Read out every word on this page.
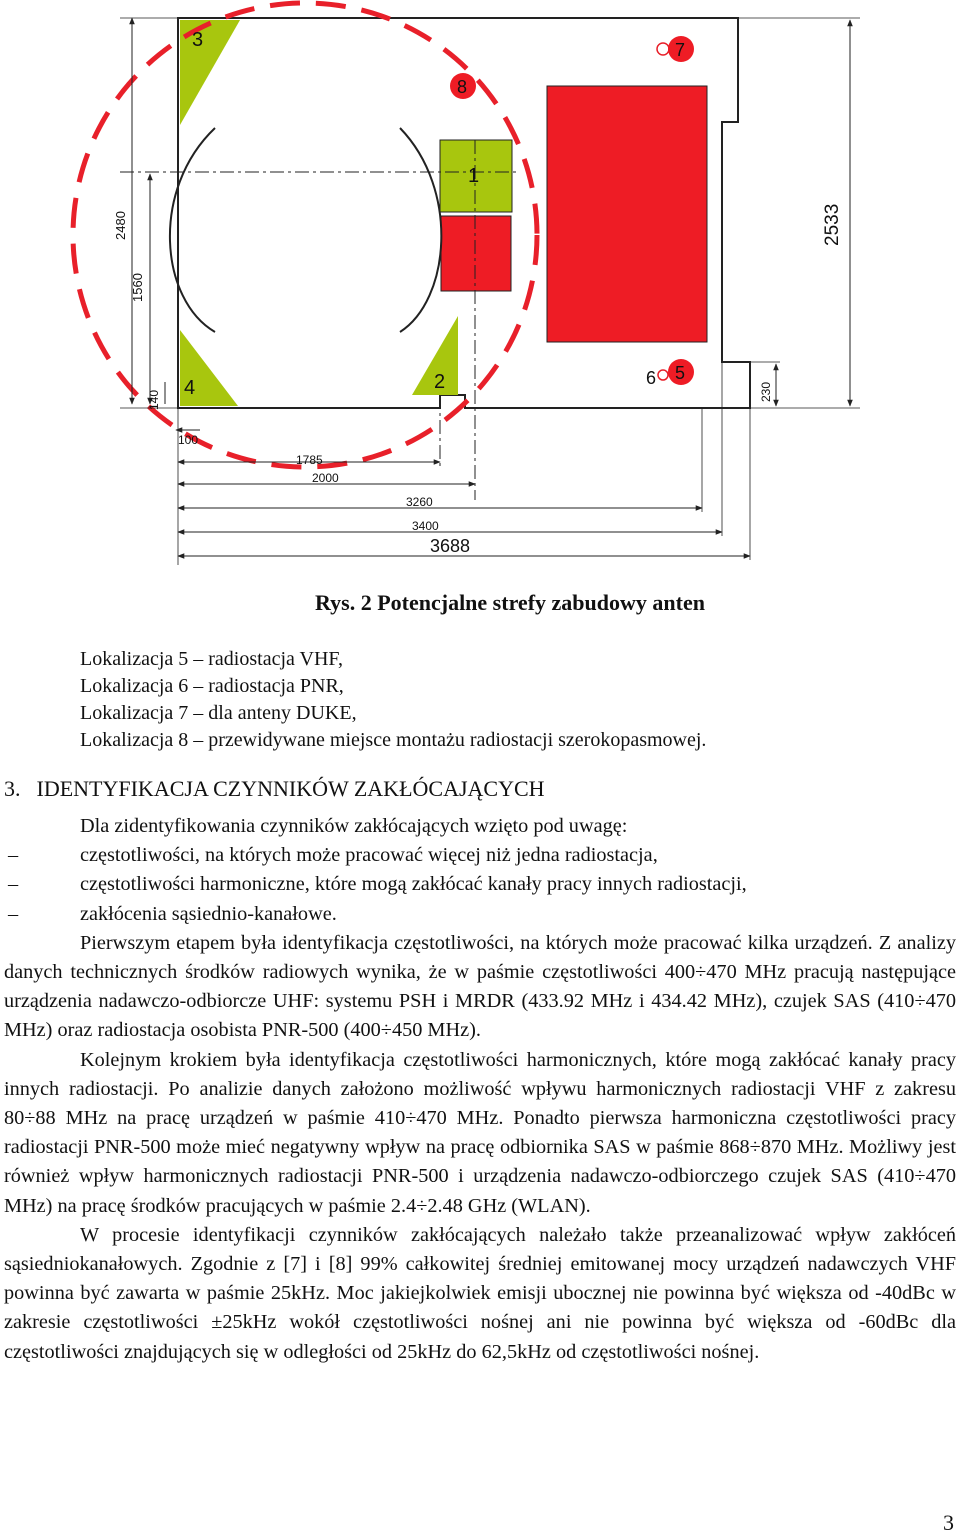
3	7
8
1
4	2	6 5
2480
1560
140
100
1785
2000
3260
3400
3688
230
2533
Rys. 2 Potencjalne strefy zabudowy anten
Lokalizacja 5 – radiostacja VHF,
Lokalizacja 6 – radiostacja PNR,
Lokalizacja 7 – dla anteny DUKE,
Lokalizacja 8 – przewidywane miejsce montażu radiostacji szerokopasmowej.
3. IDENTYFIKACJA CZYNNIKÓW ZAKŁÓCAJĄCYCH

Dla zidentyfikowania czynników zakłócających wzięto pod uwagę:

–	częstotliwości, na których może pracować więcej niż jedna radiostacja,
–	częstotliwości harmoniczne, które mogą zakłócać kanały pracy innych radiostacji,
–	zakłócenia sąsiednio-kanałowe.

Pierwszym etapem była identyfikacja częstotliwości, na których może pracować kilka urządzeń. Z analizy danych technicznych środków radiowych wynika, że w paśmie częstotliwości 400÷470 MHz pracują następujące urządzenia nadawczo-odbiorcze UHF: systemu PSH i MRDR (433.92 MHz i 434.42 MHz), czujek SAS (410÷470 MHz) oraz radiostacja osobista PNR-500 (400÷450 MHz).

Kolejnym krokiem była identyfikacja częstotliwości harmonicznych, które mogą zakłócać kanały pracy innych radiostacji. Po analizie danych założono możliwość wpływu harmonicznych radiostacji VHF z zakresu 80÷88 MHz na pracę urządzeń w paśmie 410÷470 MHz. Ponadto pierwsza harmoniczna częstotliwości pracy radiostacji PNR-500 może mieć negatywny wpływ na pracę odbiornika SAS w paśmie 868÷870 MHz. Możliwy jest również wpływ harmonicznych radiostacji PNR-500 i urządzenia nadawczo-odbiorczego czujek SAS (410÷470 MHz) na pracę środków pracujących w paśmie 2.4÷2.48 GHz (WLAN).

W procesie identyfikacji czynników zakłócających należało także przeanalizować wpływ zakłóceń sąsiedniokanałowych. Zgodnie z [7] i [8] 99% całkowitej średniej emitowanej mocy urządzeń nadawczych VHF powinna być zawarta w paśmie 25kHz. Moc jakiejkolwiek emisji ubocznej nie powinna być większa od -40dBc w zakresie częstotliwości ±25kHz wokół częstotliwości nośnej ani nie powinna być większa od -60dBc dla częstotliwości znajdujących się w odległości od 25kHz do 62,5kHz od częstotliwości nośnej.

3
